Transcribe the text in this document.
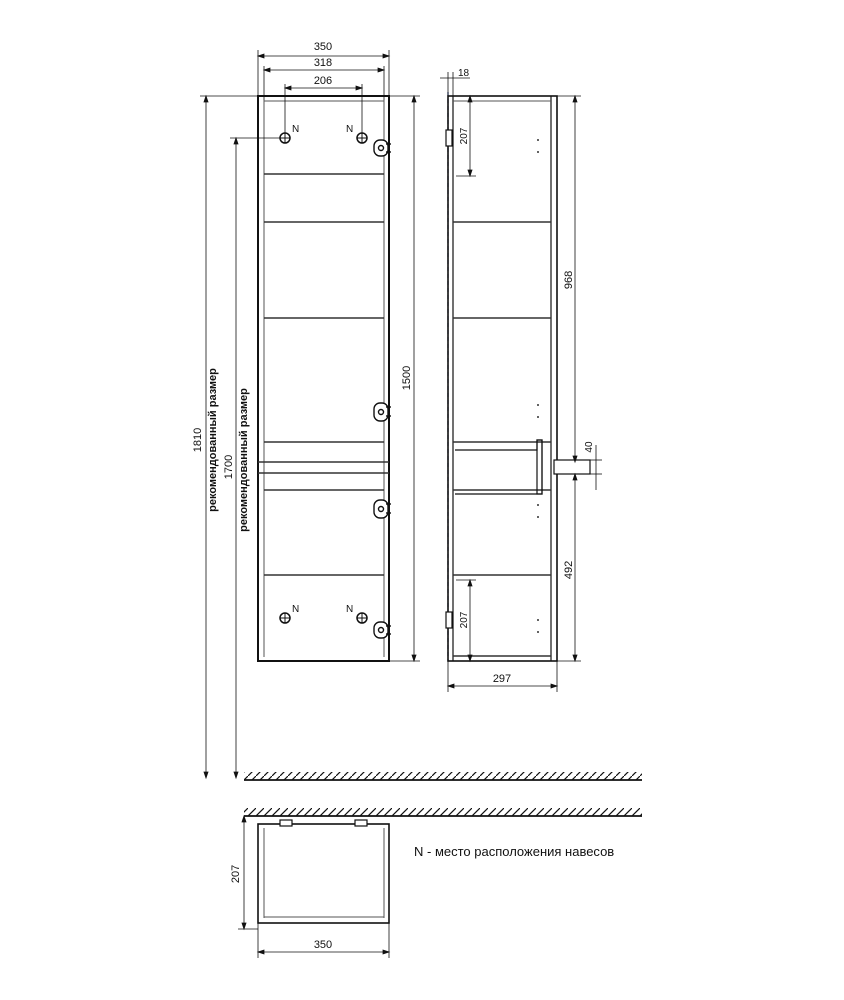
N	N
N	N
350
318
206
1500
1810 рекомендованный размер 1700 рекомендованный размер
18
207
968
40
492
207
297
207
350
N - место расположения навесов
